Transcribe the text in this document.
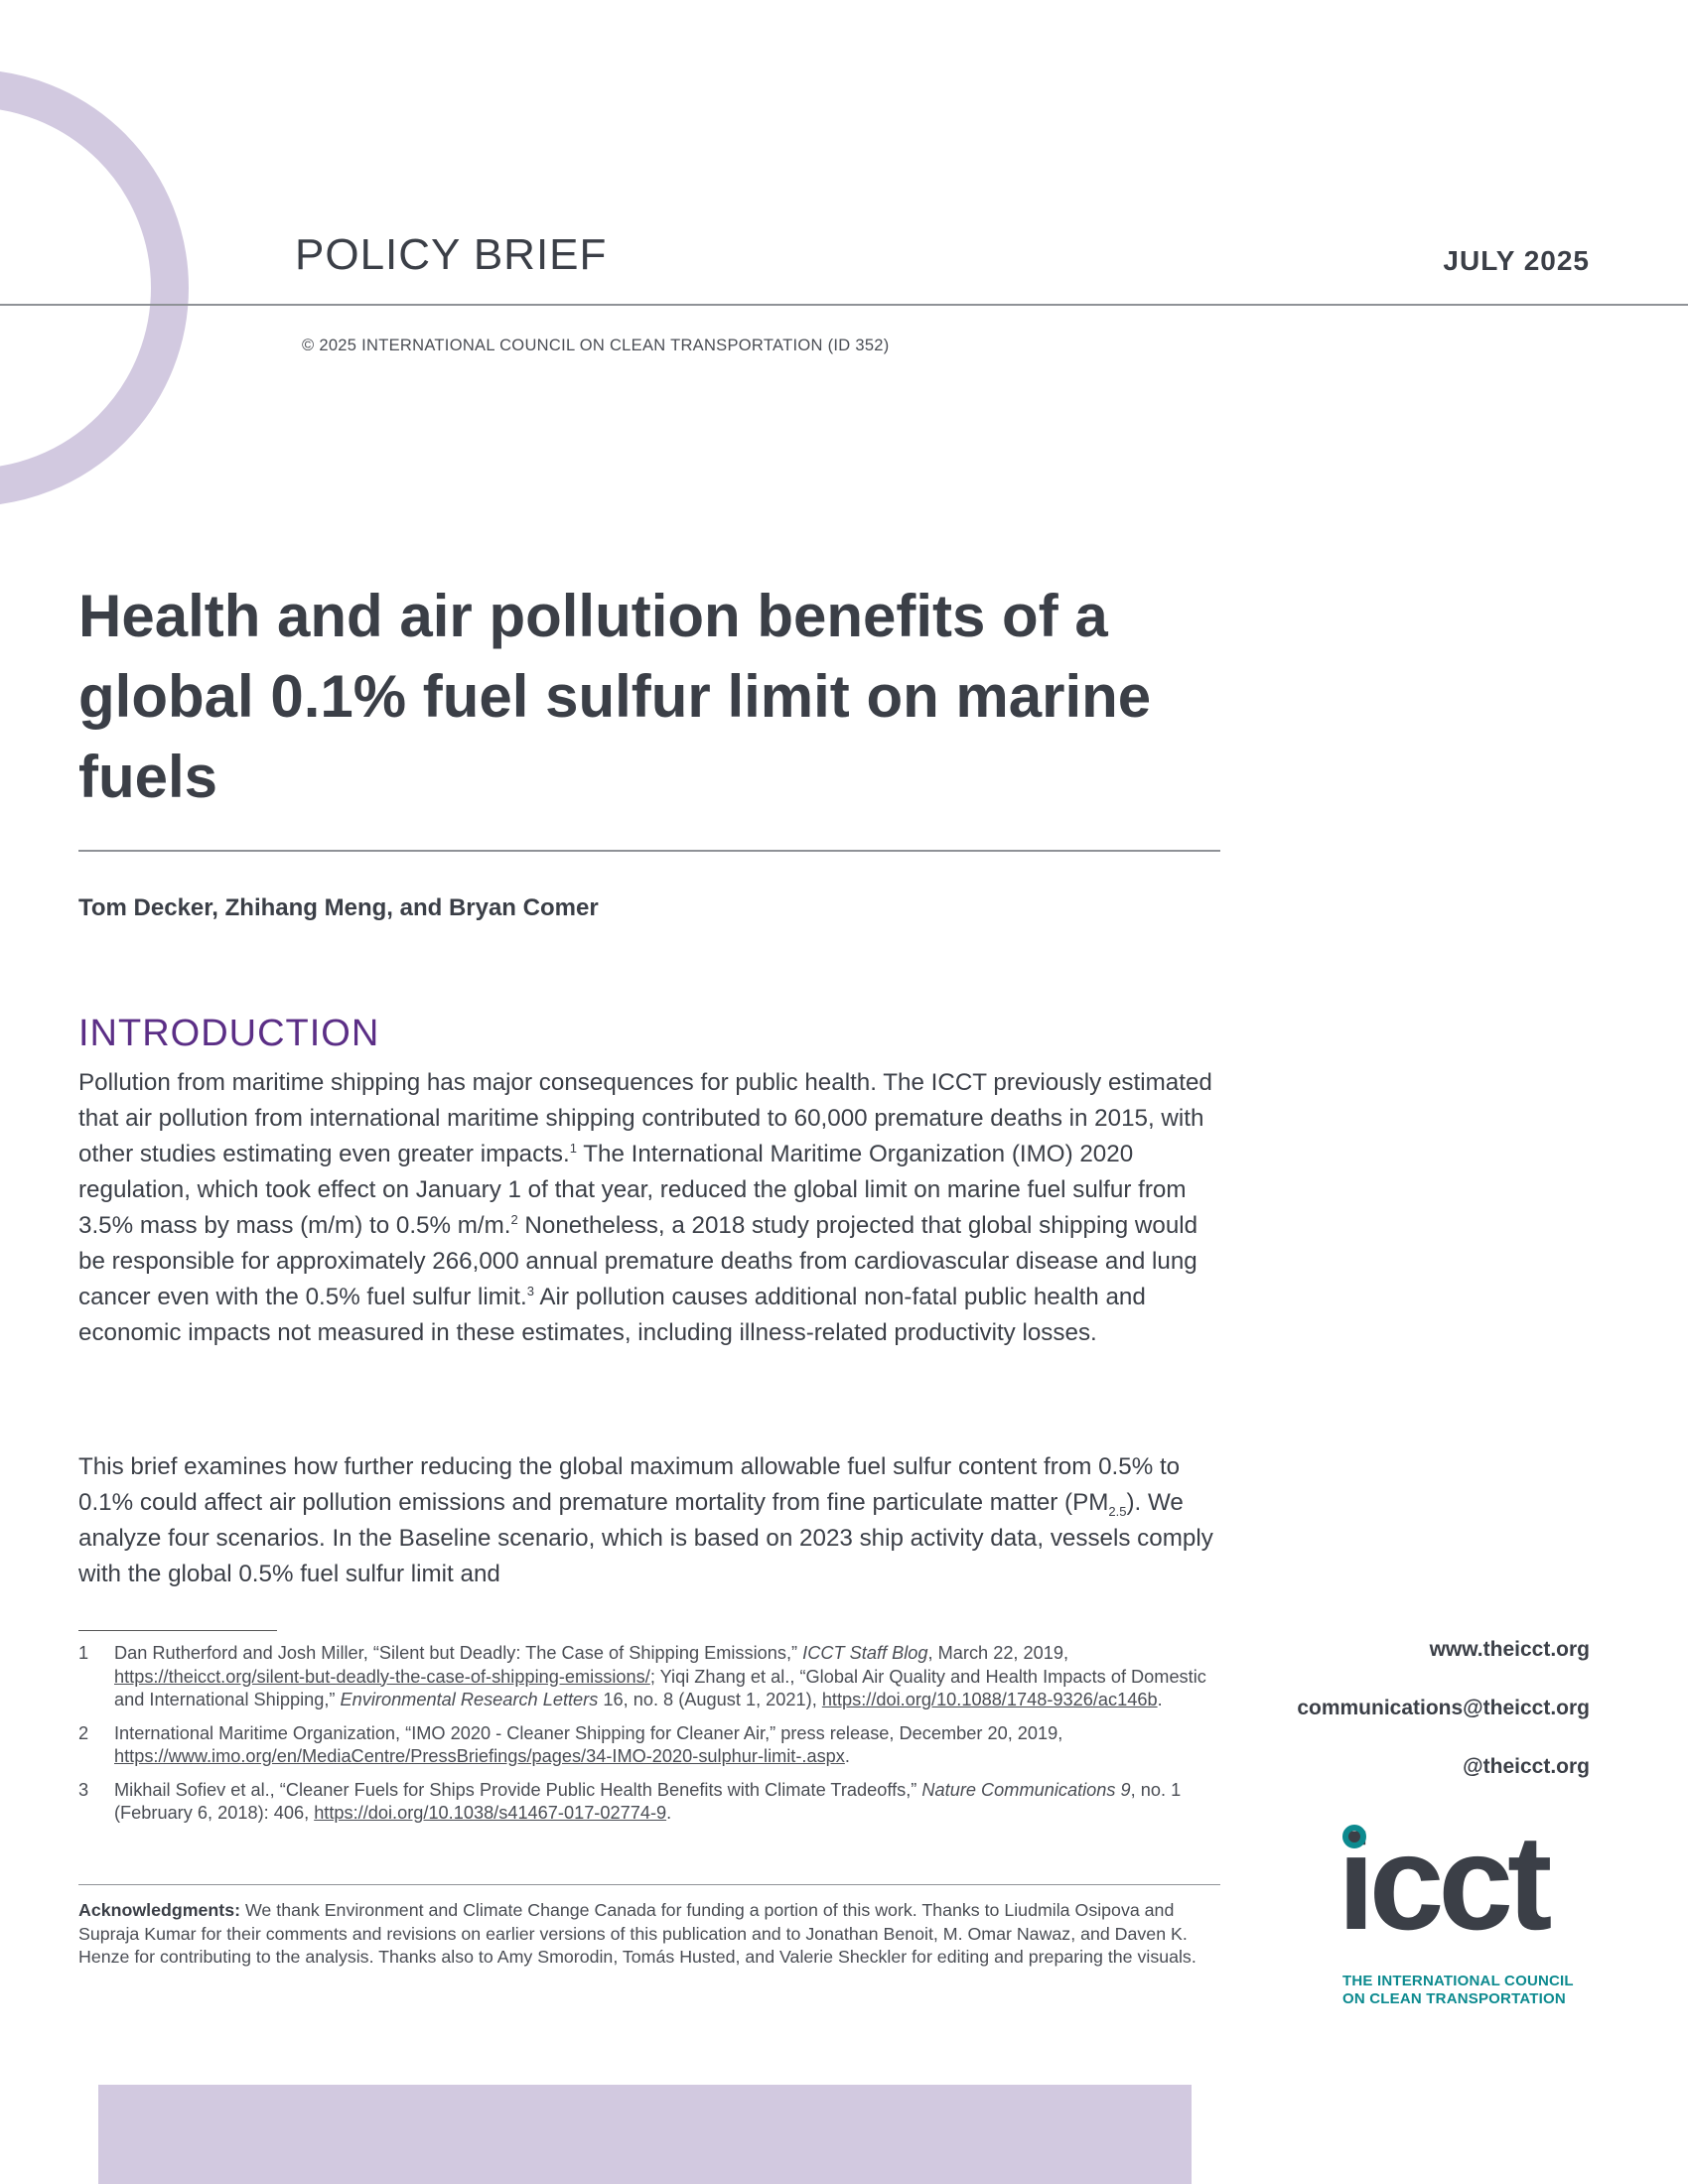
POLICY BRIEF	JULY 2025
© 2025 INTERNATIONAL COUNCIL ON CLEAN TRANSPORTATION (ID 352)
Health and air pollution benefits of a global 0.1% fuel sulfur limit on marine fuels
Tom Decker, Zhihang Meng, and Bryan Comer
INTRODUCTION

Pollution from maritime shipping has major consequences for public health. The ICCT previously estimated that air pollution from international maritime shipping contributed to 60,000 premature deaths in 2015, with other studies estimating even greater impacts.$^1$ The International Maritime Organization (IMO) 2020 regulation, which took effect on January 1 of that year, reduced the global limit on marine fuel sulfur from 3.5% mass by mass (m/m) to 0.5% m/m.$^2$ Nonetheless, a 2018 study projected that global shipping would be responsible for approximately 266,000 annual premature deaths from cardiovascular disease and lung cancer even with the 0.5% fuel sulfur limit.$^3$ Air pollution causes additional non-fatal public health and economic impacts not measured in these estimates, including illness-related productivity losses.

This brief examines how further reducing the global maximum allowable fuel sulfur content from 0.5% to 0.1% could affect air pollution emissions and premature mortality from fine particulate matter $(PM_{2.5})$. We analyze four scenarios. In the Baseline scenario, which is based on 2023 ship activity data, vessels comply with the global 0.5% fuel sulfur limit and

1	Dan Rutherford and Josh Miller, “Silent but Deadly: The Case of Shipping Emissions,” ICCT Staff Blog, March 22, 2019, https://theicct.org/silent-but-deadly-the-case-of-shipping-emissions/; Yiqi Zhang et al., “Global Air Quality and Health Impacts of Domestic and International Shipping,” Environmental Research Letters 16, no. 8 (August 1, 2021), https://doi.org/10.1088/1748-9326/ac146b.
2	International Maritime Organization, “IMO 2020 - Cleaner Shipping for Cleaner Air,” press release, December 20, 2019, https://www.imo.org/en/MediaCentre/PressBriefings/pages/34-IMO-2020-sulphur-limit-.aspx.
3	Mikhail Sofiev et al., “Cleaner Fuels for Ships Provide Public Health Benefits with Climate Tradeoffs,” Nature Communications 9, no. 1 (February 6, 2018): 406, https://doi.org/10.1038/s41467-017-02774-9.
Acknowledgments: We thank Environment and Climate Change Canada for funding a portion of this work. Thanks to Liudmila Osipova and Supraja Kumar for their comments and revisions on earlier versions of this publication and to Jonathan Benoit, M. Omar Nawaz, and Daven K. Henze for contributing to the analysis. Thanks also to Amy Smorodin, Tomás Husted, and Valerie Sheckler for editing and preparing the visuals.
www.theicct.org
communications@theicct.org
@theicct.org
icct
THE INTERNATIONAL COUNCIL
ON CLEAN TRANSPORTATION
